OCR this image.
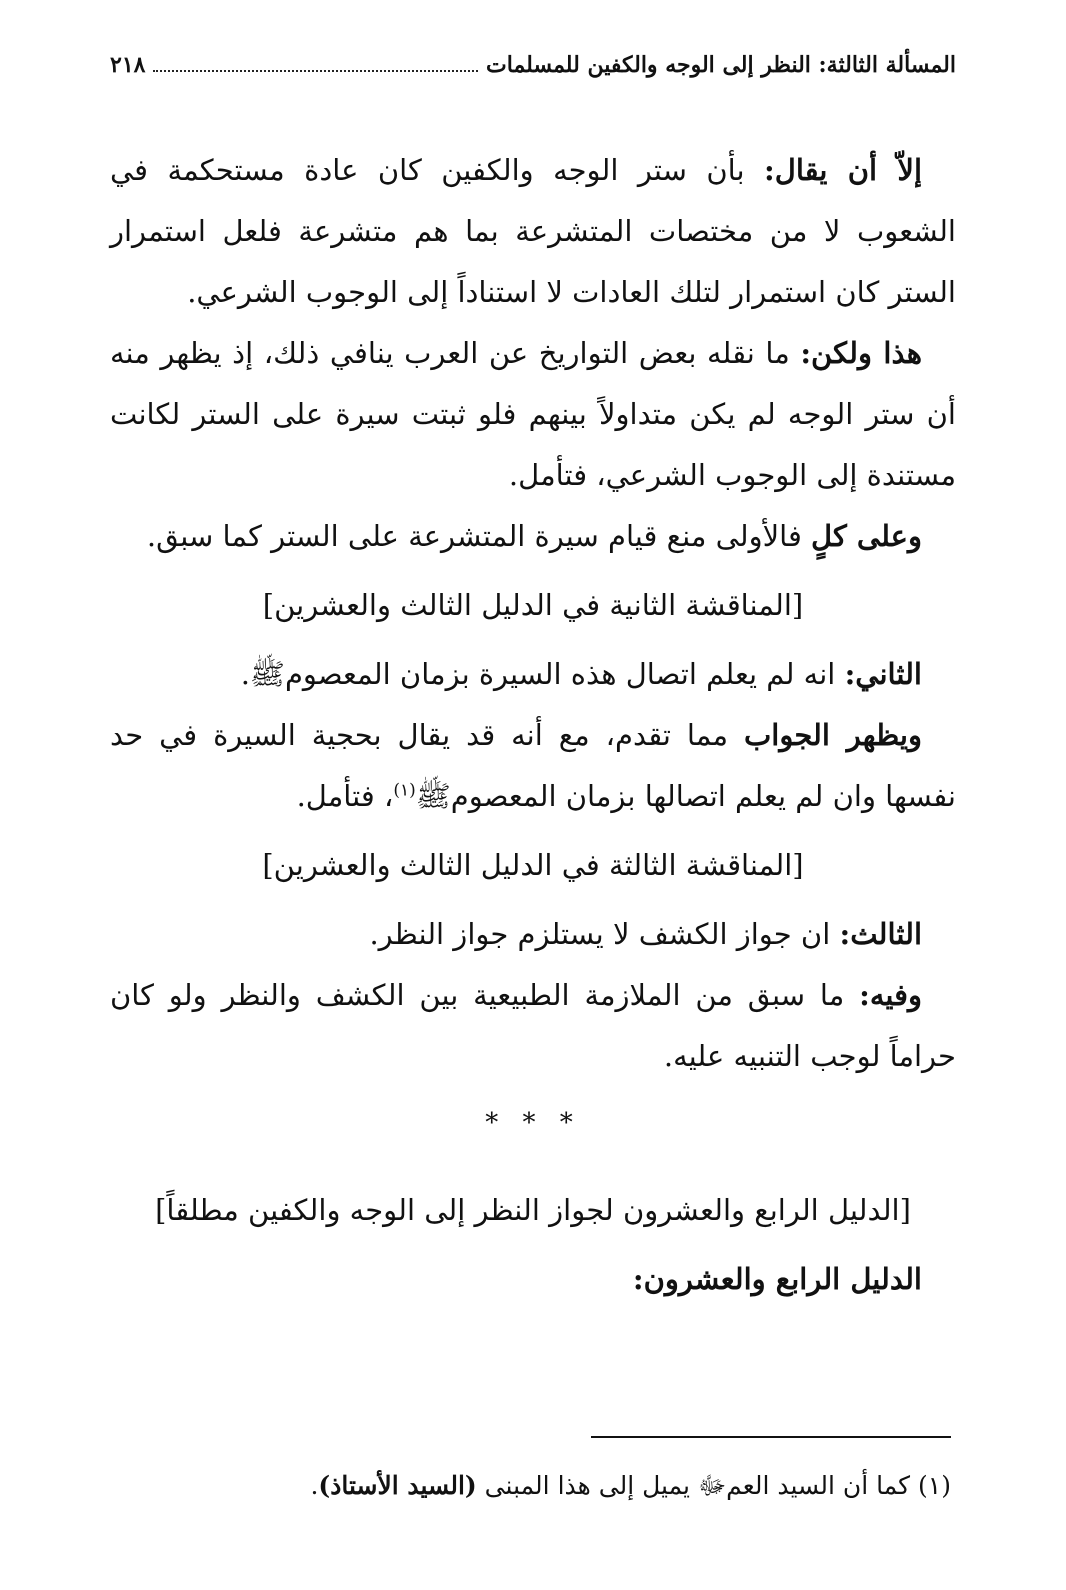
المسألة الثالثة: النظر إلى الوجه والكفين للمسلمات
٢١٨

إلاّ أن يقال: بأن ستر الوجه والكفين كان عادة مستحكمة في الشعوب لا من مختصات المتشرعة بما هم متشرعة فلعل استمرار الستر كان استمرار لتلك العادات لا استناداً إلى الوجوب الشرعي.

هذا ولكن: ما نقله بعض التواريخ عن العرب ينافي ذلك، إذ يظهر منه أن ستر الوجه لم يكن متداولاً بينهم فلو ثبتت سيرة على الستر لكانت مستندة إلى الوجوب الشرعي، فتأمل.

وعلى كلٍ فالأولى منع قيام سيرة المتشرعة على الستر كما سبق.

[المناقشة الثانية في الدليل الثالث والعشرين]

الثاني: انه لم يعلم اتصال هذه السيرة بزمان المعصومﷺ.

ويظهر الجواب مما تقدم، مع أنه قد يقال بحجية السيرة في حد نفسها وان لم يعلم اتصالها بزمان المعصومﷺ$^{(١)}$، فتأمل.

[المناقشة الثالثة في الدليل الثالث والعشرين]

الثالث: ان جواز الكشف لا يستلزم جواز النظر.

وفيه: ما سبق من الملازمة الطبيعية بين الكشف والنظر ولو كان حراماً لوجب التنبيه عليه.

* * *

[الدليل الرابع والعشرون لجواز النظر إلى الوجه والكفين مطلقاً]

الدليل الرابع والعشرون:

(١) كما أن السيد العمﷻ يميل إلى هذا المبنى (السيد الأستاذ).
